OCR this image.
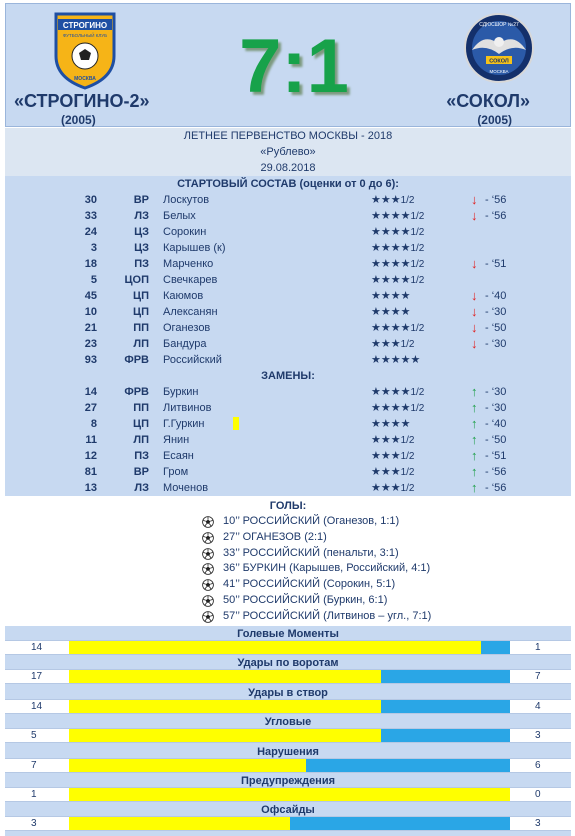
СТРОГИНО
ФУТБОЛЬНЫЙ КЛУБ
МОСКВА
«СТРОГИНО-2»
(2005)
7:1	СДЮСШОР №27
СОКОЛ
МОСКВА
«СОКОЛ»
(2005)
ЛЕТНЕЕ ПЕРВЕНСТВО МОСКВЫ - 2018
«Рублево»
29.08.2018
СТАРТОВЫЙ СОСТАВ (оценки от 0 до 6):
30	ВР Лоскутов	★★★1/2	↓ - ‘56
33	ЛЗ Белых	★★★★1/2	↓ - ‘56
24	ЦЗ Сорокин	★★★★1/2
3	ЦЗ Карышев (к)	★★★★1/2
18	ПЗ Марченко	★★★★1/2	↓ - ‘51
5	ЦОП Свечкарев	★★★★1/2
45	ЦП Каюмов	★★★★	↓ - ‘40
10	ЦП Алексанян	★★★★	↓ - ‘30
21	ПП Оганезов	★★★★1/2	↓ - ‘50
23	ЛП Бандура	★★★1/2	↓ - ‘30
93	ФРВ Российский	★★★★★
ЗАМЕНЫ:
14	ФРВ Буркин	★★★★1/2	↑ - ‘30
27	ПП Литвинов	★★★★1/2	↑ - ‘30
8	ЦП Г.Гуркин	★★★★	↑ - ‘40
11	ЛП Янин	★★★1/2	↑ - ‘50
12	ПЗ Есаян	★★★1/2	↑ - ‘51
81	ВР Гром	★★★1/2	↑ - ‘56
13	ЛЗ Моченов	★★★1/2	↑ - ‘56
ГОЛЫ:
10’’ РОССИЙСКИЙ (Оганезов, 1:1)
27’’ ОГАНЕЗОВ (2:1)
33’’ РОССИЙСКИЙ (пенальти, 3:1)
36’’ БУРКИН (Карышев, Российский, 4:1)
41’’ РОССИЙСКИЙ (Сорокин, 5:1)
50’’ РОССИЙСКИЙ (Буркин, 6:1)
57’’ РОССИЙСКИЙ (Литвинов – угл., 7:1)
Голевые Моменты
14	1
Удары по воротам
17	7
Удары в створ
14	4
Угловые
5	3
Нарушения
7	6
Предупреждения
1	0
Офсайды
3	3
